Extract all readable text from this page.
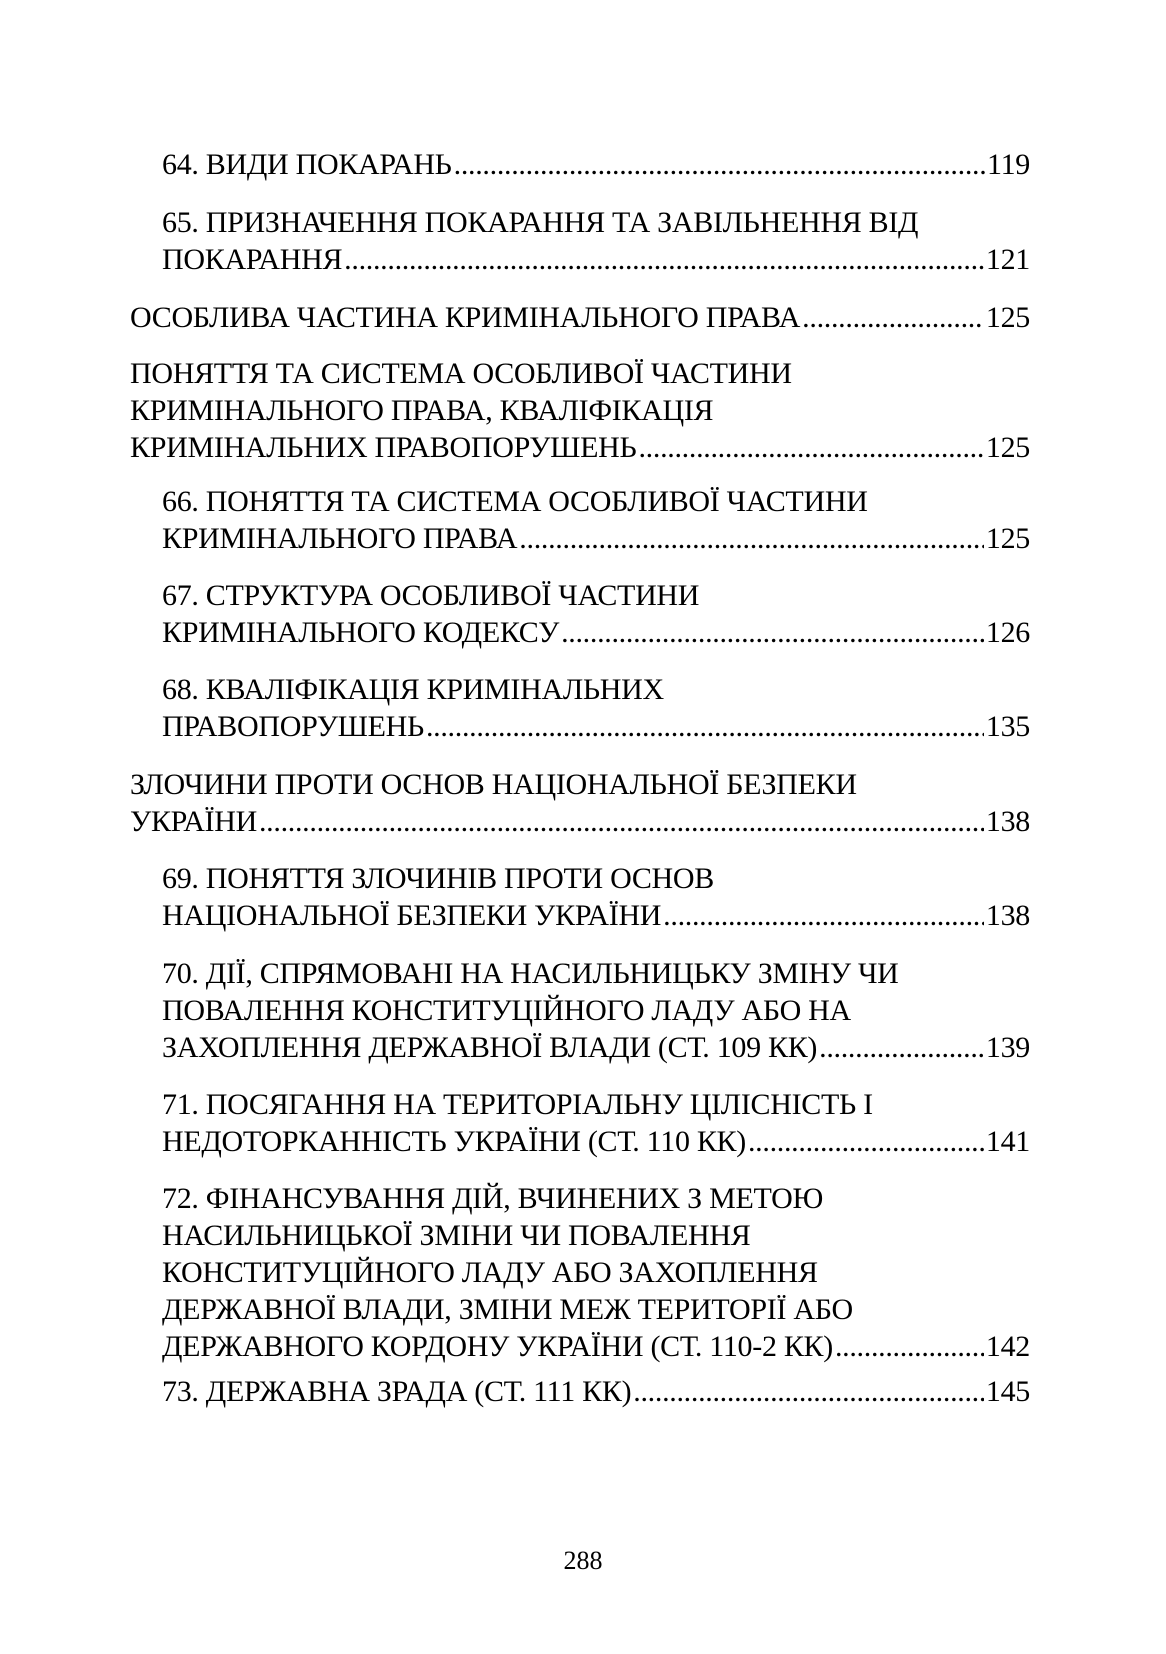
64. ВИДИ ПОКАРАНЬ .....	119
65. ПРИЗНАЧЕННЯ ПОКАРАННЯ ТА ЗАВІЛЬНЕННЯ ВІД
ПОКАРАННЯ .....	121
ОСОБЛИВА ЧАСТИНА КРИМІНАЛЬНОГО ПРАВА .....	125
ПОНЯТТЯ ТА СИСТЕМА ОСОБЛИВОЇ ЧАСТИНИ
КРИМІНАЛЬНОГО ПРАВА, КВАЛІФІКАЦІЯ
КРИМІНАЛЬНИХ ПРАВОПОРУШЕНЬ .....	125
66. ПОНЯТТЯ ТА СИСТЕМА ОСОБЛИВОЇ ЧАСТИНИ
КРИМІНАЛЬНОГО ПРАВА .....	125
67. СТРУКТУРА ОСОБЛИВОЇ ЧАСТИНИ
КРИМІНАЛЬНОГО КОДЕКСУ .....	126
68. КВАЛІФІКАЦІЯ КРИМІНАЛЬНИХ
ПРАВОПОРУШЕНЬ .....	135
ЗЛОЧИНИ ПРОТИ ОСНОВ НАЦІОНАЛЬНОЇ БЕЗПЕКИ
УКРАЇНИ .....	138
69. ПОНЯТТЯ ЗЛОЧИНІВ ПРОТИ ОСНОВ
НАЦІОНАЛЬНОЇ БЕЗПЕКИ УКРАЇНИ .....	138
70. ДІЇ, СПРЯМОВАНІ НА НАСИЛЬНИЦЬКУ ЗМІНУ ЧИ
ПОВАЛЕННЯ КОНСТИТУЦІЙНОГО ЛАДУ АБО НА
ЗАХОПЛЕННЯ ДЕРЖАВНОЇ ВЛАДИ (СТ. 109 КК) .....	139
71. ПОСЯГАННЯ НА ТЕРИТОРІАЛЬНУ ЦІЛІСНІСТЬ І
НЕДОТОРКАННІСТЬ УКРАЇНИ (СТ. 110 КК) .....	141
72. ФІНАНСУВАННЯ ДІЙ, ВЧИНЕНИХ З МЕТОЮ
НАСИЛЬНИЦЬКОЇ ЗМІНИ ЧИ ПОВАЛЕННЯ
КОНСТИТУЦІЙНОГО ЛАДУ АБО ЗАХОПЛЕННЯ
ДЕРЖАВНОЇ ВЛАДИ, ЗМІНИ МЕЖ ТЕРИТОРІЇ АБО
ДЕРЖАВНОГО КОРДОНУ УКРАЇНИ (СТ. 110-2 КК) .....	142
73. ДЕРЖАВНА ЗРАДА (СТ. 111 КК) .....	145
288
